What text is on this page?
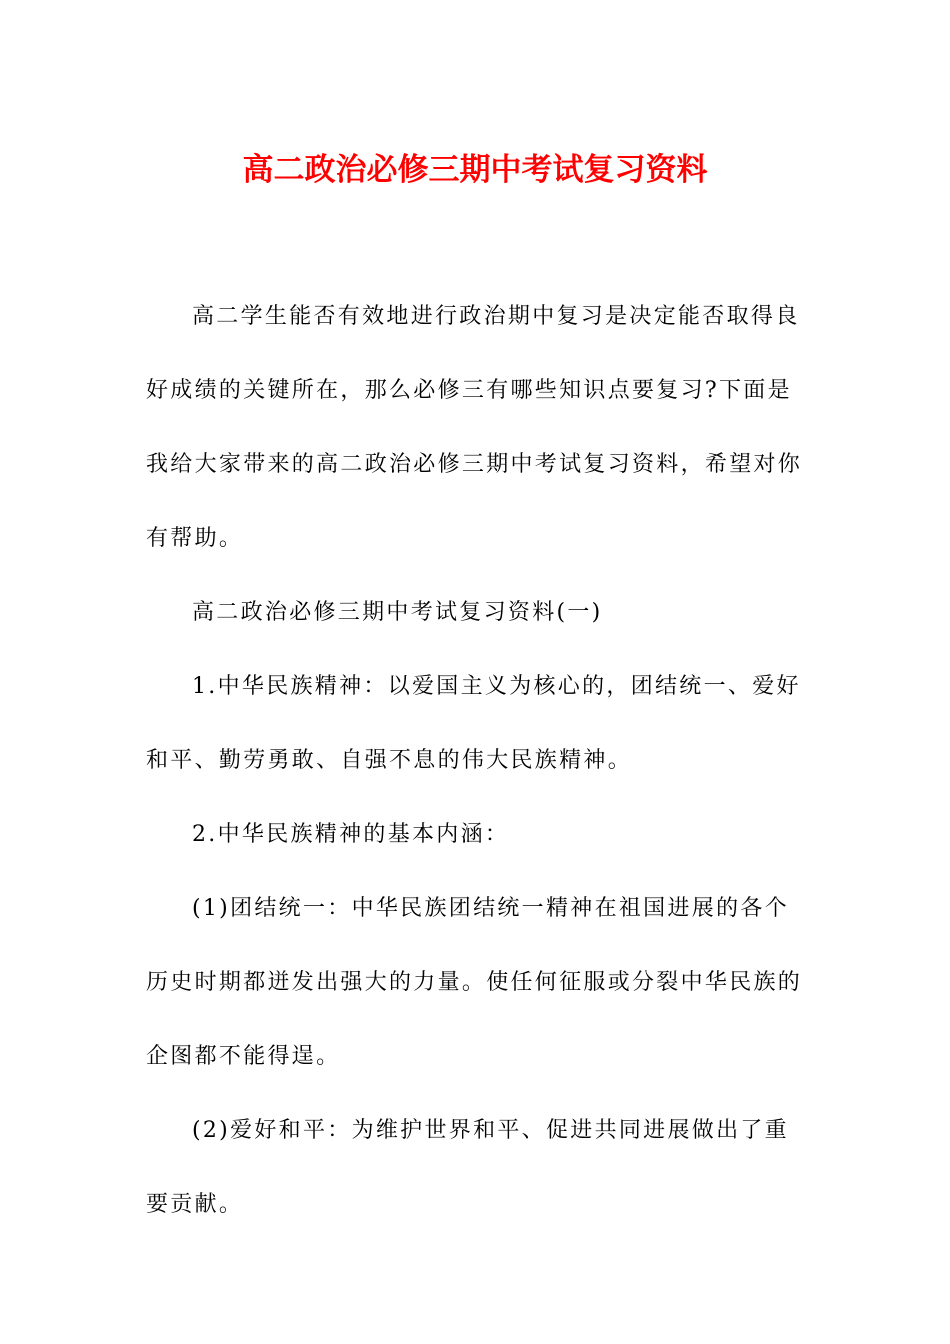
高二政治必修三期中考试复习资料

高二学生能否有效地进行政治期中复习是决定能否取得良好成绩的关键所在，那么必修三有哪些知识点要复习?下面是我给大家带来的高二政治必修三期中考试复习资料，希望对你有帮助。

高二政治必修三期中考试复习资料(一)

1.中华民族精神：以爱国主义为核心的，团结统一、爱好和平、勤劳勇敢、自强不息的伟大民族精神。

2.中华民族精神的基本内涵：

(1)团结统一：中华民族团结统一精神在祖国进展的各个历史时期都迸发出强大的力量。使任何征服或分裂中华民族的企图都不能得逞。

(2)爱好和平：为维护世界和平、促进共同进展做出了重要贡献。
